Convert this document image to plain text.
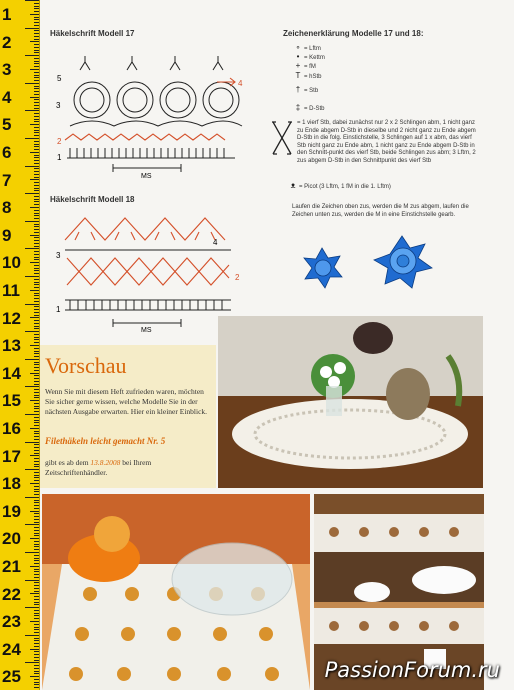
1
2
3
4
5
6
7
8
9
10
11
12
13
14
15
16
17
18
19
20
21
22
23
24
25
Häkelschrift Modell 17
5
4
3
2
1
MS
Häkelschrift Modell 18
4
3
2
1
MS
Zeichenerklärung Modelle 17 und 18:
∘ = Lftm
• = Kettm
+ = fM
T = hStb
† = Stb
‡ = D-Stb
= 1 vierf Stb, dabei zunächst nur 2 x 2 Schlingen abm, 1 nicht ganz zu Ende abgem D-Stb in dieselbe und 2 nicht ganz zu Ende abgem D-Stb in die folg. Einstichstelle, 3 Schlingen auf 1 x abm, das vierf Stb nicht ganz zu Ende abm, 1 nicht ganz zu Ende abgem D-Stb in den Schnitt-punkt des vierf Stb, beide Schlingen zus abm; 3 Lftm, 2 zus abgem D-Stb in den Schnittpunkt des vierf Stb
ᴥ = Picot (3 Lftm, 1 fM in die 1. Lftm)
Laufen die Zeichen oben zus, werden die M zus abgem, laufen die Zeichen unten zus, werden die M in eine Einstichstelle gearb.
Vorschau
Wenn Sie mit diesem Heft zufrieden waren, möchten Sie sicher gerne wissen, welche Modelle Sie in der nächsten Ausgabe erwarten. Hier ein kleiner Einblick.
Filethäkeln leicht gemacht Nr. 5
gibt es ab dem 13.8.2008 bei Ihrem Zeitschriftenhändler.
PassionForum.ru
